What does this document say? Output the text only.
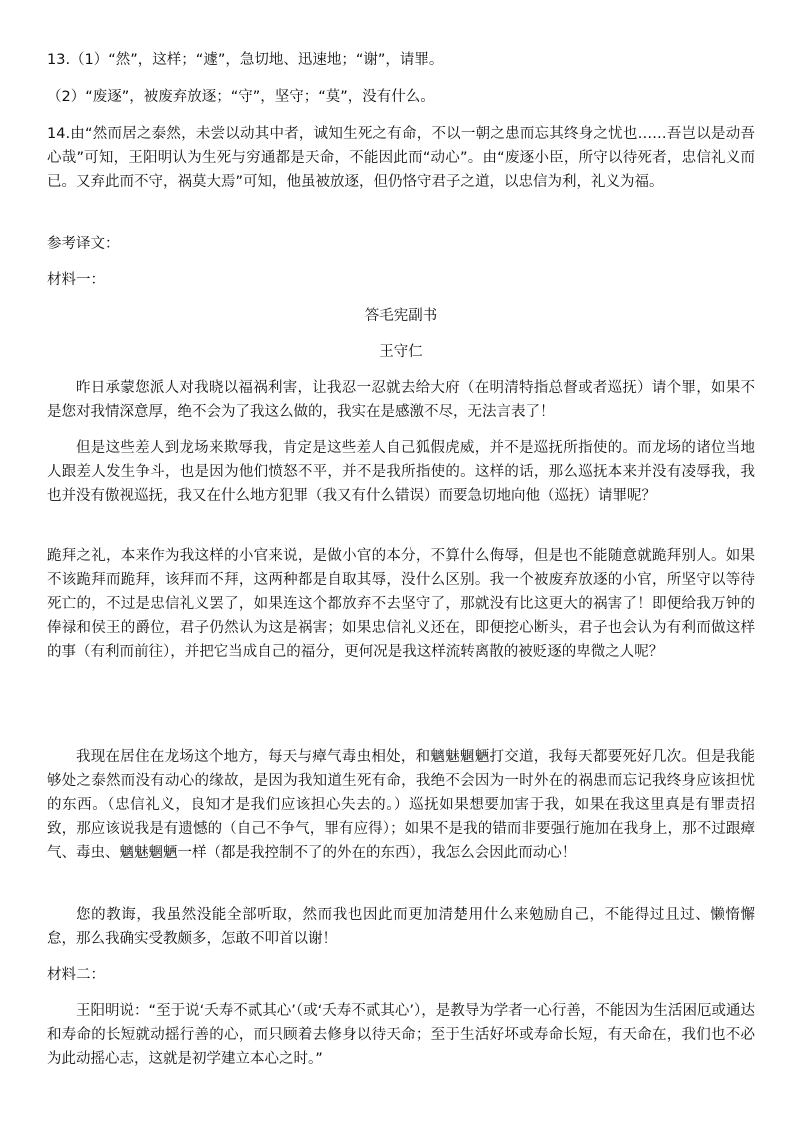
13.（1）“然”，这样；“遽”，急切地、迅速地；“谢”，请罪。

（2）“废逐”，被废弃放逐；“守”，坚守；“莫”，没有什么。

14.由“然而居之泰然，未尝以动其中者，诚知生死之有命，不以一朝之患而忘其终身之忧也……吾岂以是动吾心哉”可知，王阳明认为生死与穷通都是天命，不能因此而“动心”。由“废逐小臣，所守以待死者，忠信礼义而已。又弃此而不守，祸莫大焉”可知，他虽被放逐，但仍恪守君子之道，以忠信为利，礼义为福。

参考译文：

材料一：

答毛宪副书

王守仁

昨日承蒙您派人对我晓以福祸利害，让我忍一忍就去给大府（在明清特指总督或者巡抚）请个罪，如果不是您对我情深意厚，绝不会为了我这么做的，我实在是感激不尽，无法言表了！

但是这些差人到龙场来欺辱我，肯定是这些差人自己狐假虎威，并不是巡抚所指使的。而龙场的诸位当地人跟差人发生争斗，也是因为他们愤怒不平，并不是我所指使的。这样的话，那么巡抚本来并没有凌辱我，我也并没有傲视巡抚，我又在什么地方犯罪（我又有什么错误）而要急切地向他（巡抚）请罪呢？

跪拜之礼，本来作为我这样的小官来说，是做小官的本分，不算什么侮辱，但是也不能随意就跪拜别人。如果不该跪拜而跪拜，该拜而不拜，这两种都是自取其辱，没什么区别。我一个被废弃放逐的小官，所坚守以等待死亡的，不过是忠信礼义罢了，如果连这个都放弃不去坚守了，那就没有比这更大的祸害了！即便给我万钟的俸禄和侯王的爵位，君子仍然认为这是祸害；如果忠信礼义还在，即便挖心断头，君子也会认为有利而做这样的事（有利而前往），并把它当成自己的福分，更何况是我这样流转离散的被贬逐的卑微之人呢？

我现在居住在龙场这个地方，每天与瘴气毒虫相处，和魑魅魍魉打交道，我每天都要死好几次。但是我能够处之泰然而没有动心的缘故，是因为我知道生死有命，我绝不会因为一时外在的祸患而忘记我终身应该担忧的东西。（忠信礼义，良知才是我们应该担心失去的。）巡抚如果想要加害于我，如果在我这里真是有罪责招致，那应该说我是有遗憾的（自己不争气，罪有应得）；如果不是我的错而非要强行施加在我身上，那不过跟瘴气、毒虫、魑魅魍魉一样（都是我控制不了的外在的东西），我怎么会因此而动心！

您的教诲，我虽然没能全部听取，然而我也因此而更加清楚用什么来勉励自己，不能得过且过、懒惰懈怠，那么我确实受教颇多，怎敢不叩首以谢！

材料二：

王阳明说：“至于说‘夭寿不贰其心’（或‘夭寿不贰其心’），是教导为学者一心行善，不能因为生活困厄或通达和寿命的长短就动摇行善的心，而只顾着去修身以待天命；至于生活好坏或寿命长短，有天命在，我们也不必为此动摇心志，这就是初学建立本心之时。”
